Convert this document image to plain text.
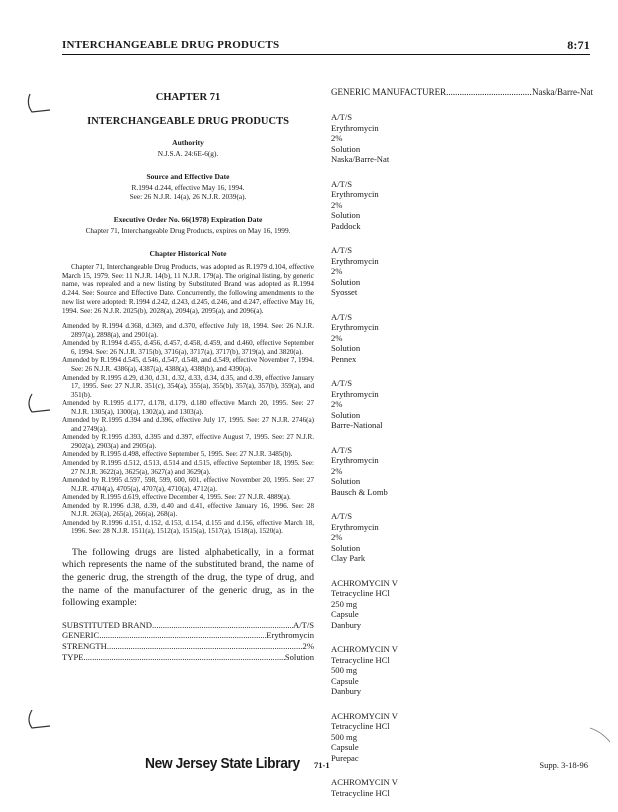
INTERCHANGEABLE DRUG PRODUCTS	8:71
CHAPTER 71
INTERCHANGEABLE DRUG PRODUCTS
Authority
N.J.S.A. 24:6E-6(g).
Source and Effective Date
R.1994 d.244, effective May 16, 1994.
See: 26 N.J.R. 14(a), 26 N.J.R. 2039(a).
Executive Order No. 66(1978) Expiration Date
Chapter 71, Interchangeable Drug Products, expires on May 16, 1999.
Chapter Historical Note

Chapter 71, Interchangeable Drug Products, was adopted as R.1979 d.104, effective March 15, 1979. See: 11 N.J.R. 14(b), 11 N.J.R. 179(a). The original listing, by generic name, was repealed and a new listing by Substituted Brand was adopted as R.1994 d.244. See: Source and Effective Date. Concurrently, the following amendments to the new list were adopted: R.1994 d.242, d.243, d.245, d.246, and d.247, effective May 16, 1994. See: 26 N.J.R. 2025(b), 2028(a), 2094(a), 2095(a), and 2096(a).

Amended by R.1994 d.368, d.369, and d.370, effective July 18, 1994. See: 26 N.J.R. 2897(a), 2898(a), and 2901(a).
Amended by R.1994 d.455, d.456, d.457, d.458, d.459, and d.460, effective September 6, 1994. See: 26 N.J.R. 3715(b), 3716(a), 3717(a), 3717(b), 3719(a), and 3820(a).
Amended by R.1994 d.545, d.546, d.547, d.548, and d.549, effective November 7, 1994. See: 26 N.J.R. 4386(a), 4387(a), 4388(a), 4388(b), and 4390(a).
Amended by R.1995 d.29, d.30, d.31, d.32, d.33, d.34, d.35, and d.39, effective January 17, 1995. See: 27 N.J.R. 351(c), 354(a), 355(a), 355(b), 357(a), 357(b), 359(a), and 351(b).
Amended by R.1995 d.177, d.178, d.179, d.180 effective March 20, 1995. See: 27 N.J.R. 1305(a), 1300(a), 1302(a), and 1303(a).
Amended by R.1995 d.394 and d.396, effective July 17, 1995. See: 27 N.J.R. 2746(a) and 2749(a).
Amended by R.1995 d.393, d.395 and d.397, effective August 7, 1995. See: 27 N.J.R. 2902(a), 2903(a) and 2905(a).
Amended by R.1995 d.498, effective September 5, 1995. See: 27 N.J.R. 3485(b).
Amended by R.1995 d.512, d.513, d.514 and d.515, effective September 18, 1995. See: 27 N.J.R. 3622(a), 3625(a), 3627(a) and 3629(a).
Amended by R.1995 d.597, 598, 599, 600, 601, effective November 20, 1995. See: 27 N.J.R. 4704(a), 4705(a), 4707(a), 4710(a), 4712(a).
Amended by R.1995 d.619, effective December 4, 1995. See: 27 N.J.R. 4889(a).
Amended by R.1996 d.38, d.39, d.40 and d.41, effective January 16, 1996. See: 28 N.J.R. 263(a), 265(a), 266(a), 268(a).
Amended by R.1996 d.151, d.152, d.153, d.154, d.155 and d.156, effective March 18, 1996. See: 28 N.J.R. 1511(a), 1512(a), 1515(a), 1517(a), 1518(a), 1520(a).
The following drugs are listed alphabetically, in a format which represents the name of the substituted brand, the name of the generic drug, the strength of the drug, the type of drug, and the name of the manufacturer of the generic drug, as in the following example:
SUBSTITUTED BRAND .....	A/T/S
GENERIC .....	Erythromycin
STRENGTH .....	2%
TYPE .....	Solution
GENERIC MANUFACTURER .....	Naska/Barre-Nat
A/T/S
Erythromycin
2%
Solution
Naska/Barre-Nat
A/T/S
Erythromycin
2%
Solution
Paddock
A/T/S
Erythromycin
2%
Solution
Syosset
A/T/S
Erythromycin
2%
Solution
Pennex
A/T/S
Erythromycin
2%
Solution
Barre-National
A/T/S
Erythromycin
2%
Solution
Bausch & Lomb
A/T/S
Erythromycin
2%
Solution
Clay Park
ACHROMYCIN V
Tetracycline HCl
250 mg
Capsule
Danbury
ACHROMYCIN V
Tetracycline HCl
500 mg
Capsule
Danbury
ACHROMYCIN V
Tetracycline HCl
500 mg
Capsule
Purepac
ACHROMYCIN V
Tetracycline HCl
New Jersey State Library 71-1	Supp. 3-18-96
